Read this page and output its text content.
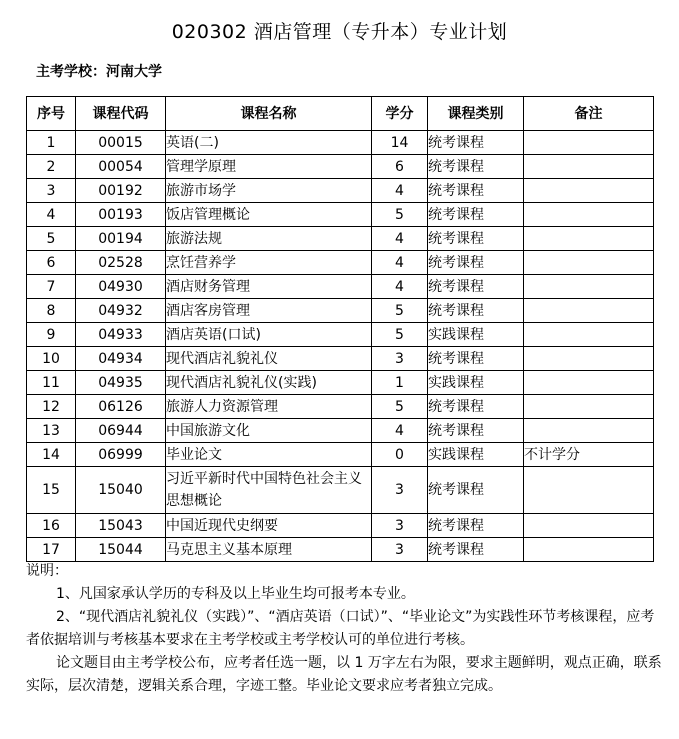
020302 酒店管理（专升本）专业计划
主考学校：河南大学
序号	课程代码	课程名称	学分	课程类别	备注
1	00015	英语(二)	14	统考课程	
2	00054	管理学原理	6	统考课程	
3	00192	旅游市场学	4	统考课程	
4	00193	饭店管理概论	5	统考课程	
5	00194	旅游法规	4	统考课程	
6	02528	烹饪营养学	4	统考课程	
7	04930	酒店财务管理	4	统考课程	
8	04932	酒店客房管理	5	统考课程	
9	04933	酒店英语(口试)	5	实践课程	
10	04934	现代酒店礼貌礼仪	3	统考课程	
11	04935	现代酒店礼貌礼仪(实践)	1	实践课程	
12	06126	旅游人力资源管理	5	统考课程	
13	06944	中国旅游文化	4	统考课程	
14	06999	毕业论文	0	实践课程	不计学分
15	15040	习近平新时代中国特色社会主义思想概论	3	统考课程	
16	15043	中国近现代史纲要	3	统考课程	
17	15044	马克思主义基本原理	3	统考课程	

说明：

1、凡国家承认学历的专科及以上毕业生均可报考本专业。

2、“现代酒店礼貌礼仪（实践）”、“酒店英语（口试）”、“毕业论文”为实践性环节考核课程，应考者依据培训与考核基本要求在主考学校或主考学校认可的单位进行考核。

论文题目由主考学校公布，应考者任选一题，以 1 万字左右为限，要求主题鲜明，观点正确，联系实际，层次清楚，逻辑关系合理，字迹工整。毕业论文要求应考者独立完成。
